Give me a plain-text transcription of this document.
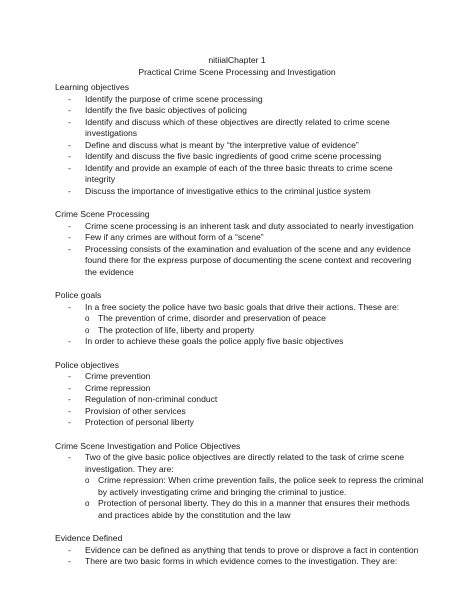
nitiialChapter 1
Practical Crime Scene Processing and Investigation

Learning objectives

- Identify the purpose of crime scene processing
- Identify the five basic objectives of policing
- Identify and discuss which of these objectives are directly related to crime scene investigations
- Define and discuss what is meant by “the interpretive value of evidence”
- Identify and discuss the five basic ingredients of good crime scene processing
- Identify and provide an example of each of the three basic threats to crime scene integrity
- Discuss the importance of investigative ethics to the criminal justice system

Crime Scene Processing

- Crime scene processing is an inherent task and duty associated to nearly investigation
- Few if any crimes are without form of a “scene”
- Processing consists of the examination and evaluation of the scene and any evidence found there for the express purpose of documenting the scene context and recovering the evidence

Police goals

- In a free society the police have two basic goals that drive their actions. These are:
o The prevention of crime, disorder and preservation of peace
o The protection of life, liberty and property
- In order to achieve these goals the police apply five basic objectives

Police objectives

- Crime prevention
- Crime repression
- Regulation of non-criminal conduct
- Provision of other services
- Protection of personal liberty

Crime Scene Investigation and Police Objectives

- Two of the give basic police objectives are directly related to the task of crime scene investigation. They are:
o Crime repression: When crime prevention fails, the police seek to repress the criminal by actively investigating crime and bringing the criminal to justice.
o Protection of personal liberty. They do this in a manner that ensures their methods and practices abide by the constitution and the law

Evidence Defined

- Evidence can be defined as anything that tends to prove or disprove a fact in contention
- There are two basic forms in which evidence comes to the investigation. They are:
